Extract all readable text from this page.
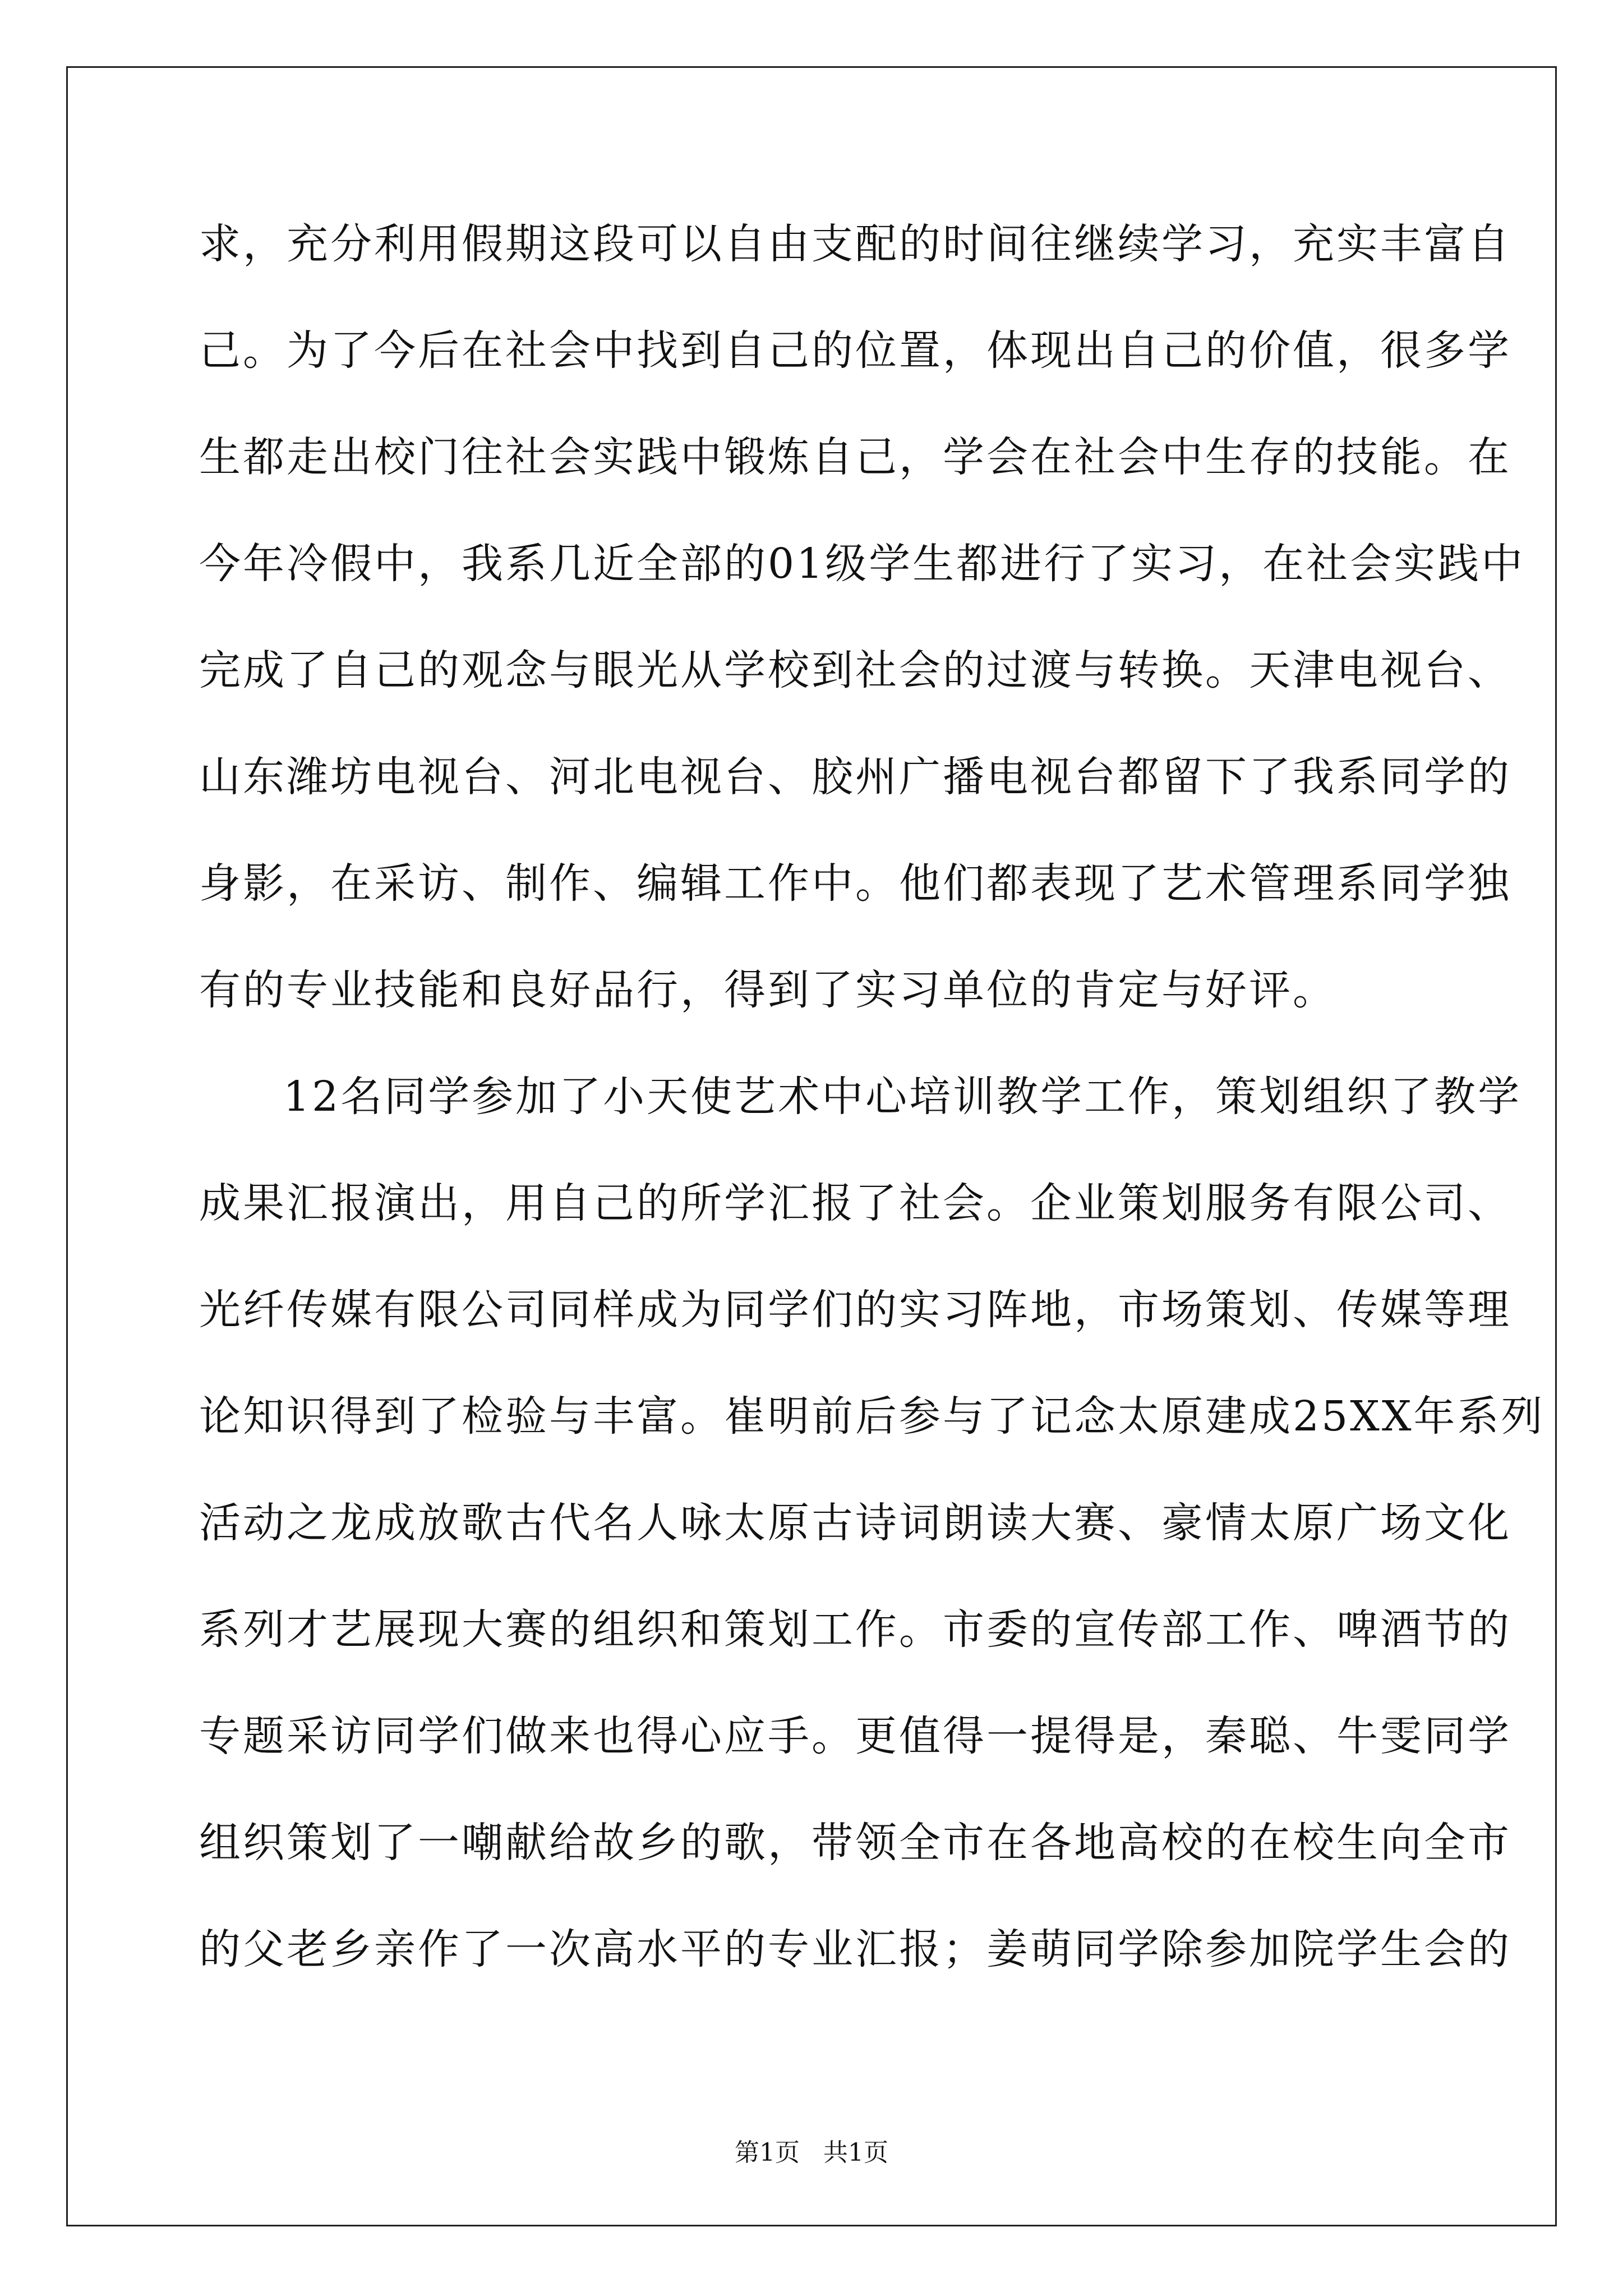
求，充分利用假期这段可以自由支配的时间往继续学习，充实丰富自
己。为了今后在社会中找到自己的位置，体现出自己的价值，很多学
生都走出校门往社会实践中锻炼自己，学会在社会中生存的技能。在
今年冷假中，我系几近全部的01级学生都进行了实习，在社会实践中
完成了自己的观念与眼光从学校到社会的过渡与转换。天津电视台、
山东潍坊电视台、河北电视台、胶州广播电视台都留下了我系同学的
身影，在采访、制作、编辑工作中。他们都表现了艺术管理系同学独
有的专业技能和良好品行，得到了实习单位的肯定与好评。
12名同学参加了小天使艺术中心培训教学工作，策划组织了教学
成果汇报演出，用自己的所学汇报了社会。企业策划服务有限公司、
光纤传媒有限公司同样成为同学们的实习阵地，市场策划、传媒等理
论知识得到了检验与丰富。崔明前后参与了记念太原建成25XX年系列
活动之龙成放歌古代名人咏太原古诗词朗读大赛、豪情太原广场文化
系列才艺展现大赛的组织和策划工作。市委的宣传部工作、啤酒节的
专题采访同学们做来也得心应手。更值得一提得是，秦聪、牛雯同学
组织策划了一嘲献给故乡的歌，带领全市在各地高校的在校生向全市
的父老乡亲作了一次高水平的专业汇报；姜萌同学除参加院学生会的
第1页   共1页
